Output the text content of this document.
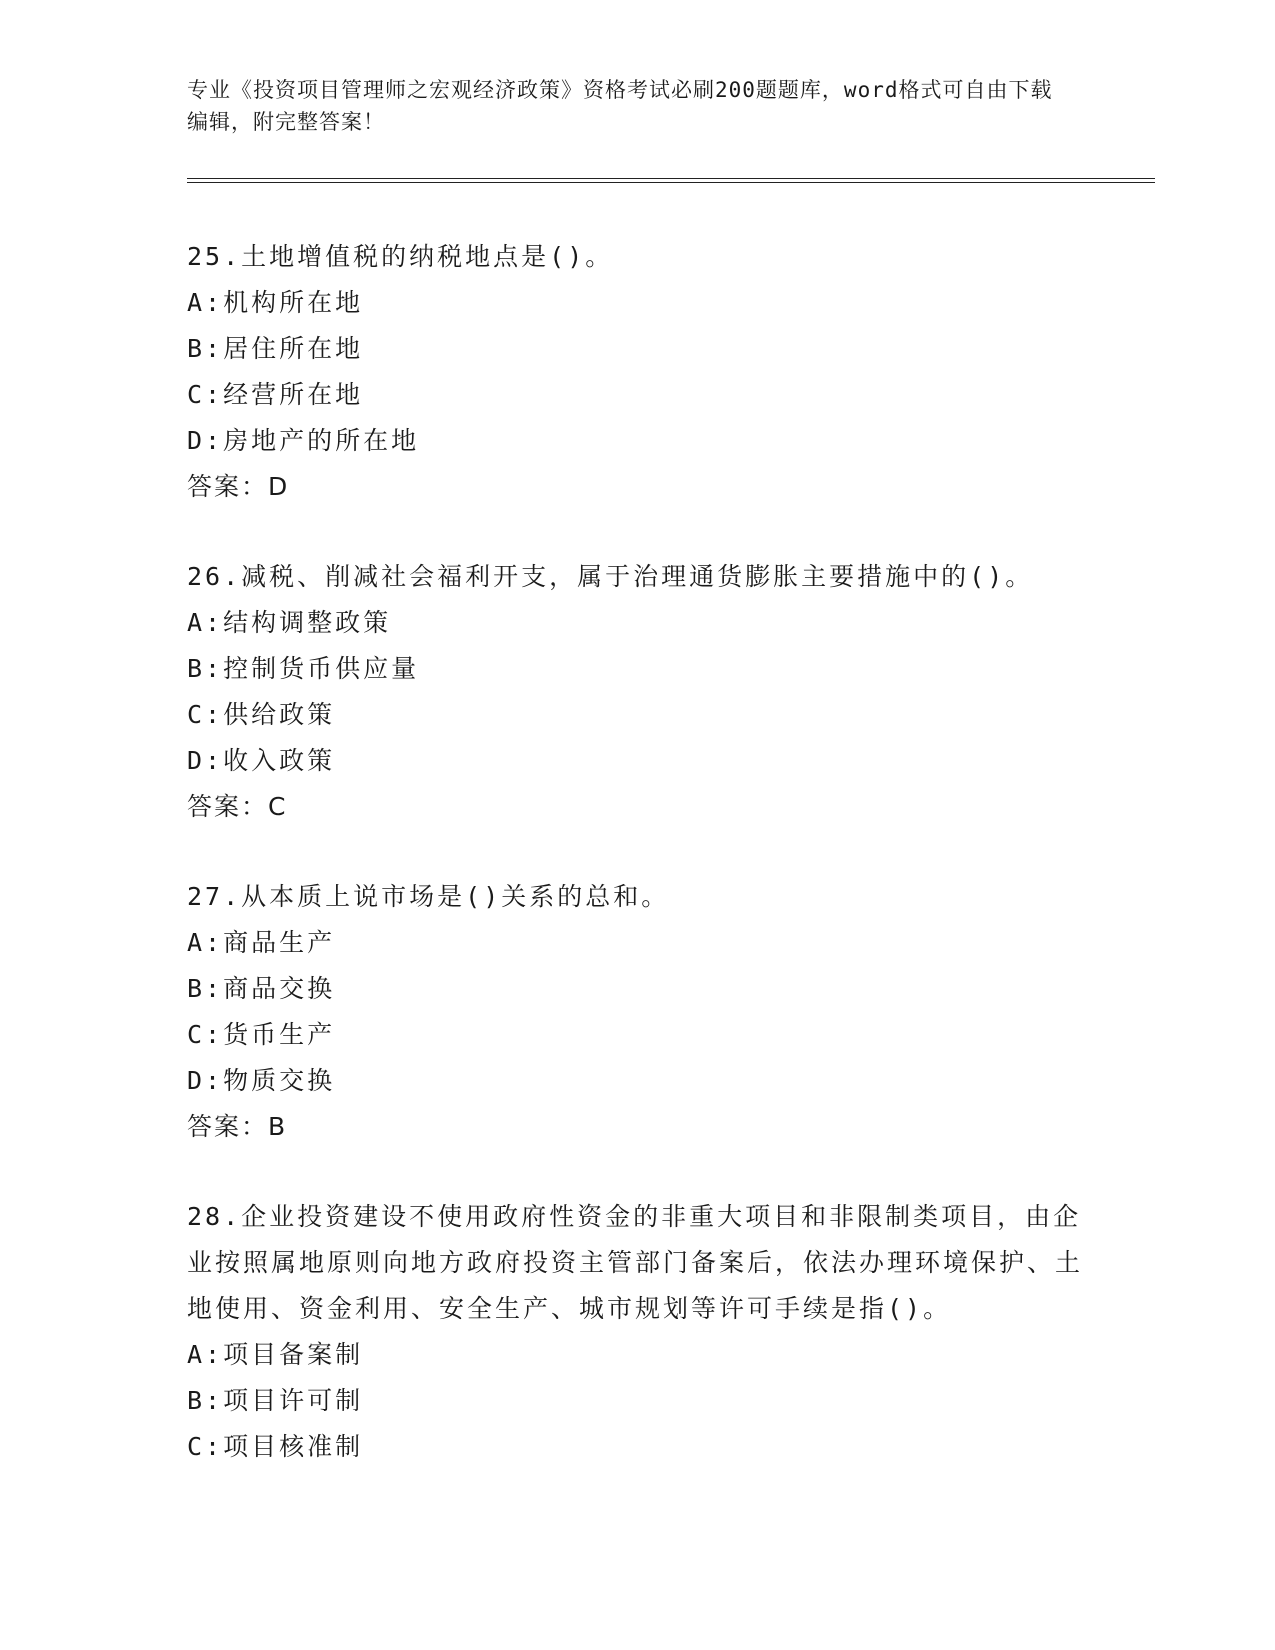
专业《投资项目管理师之宏观经济政策》资格考试必刷200题题库，word格式可自由下载编辑，附完整答案！
25.土地增值税的纳税地点是()。
A:机构所在地
B:居住所在地
C:经营所在地
D:房地产的所在地
答案：D
26.减税、削减社会福利开支，属于治理通货膨胀主要措施中的()。
A:结构调整政策
B:控制货币供应量
C:供给政策
D:收入政策
答案：C
27.从本质上说市场是()关系的总和。
A:商品生产
B:商品交换
C:货币生产
D:物质交换
答案：B
28.企业投资建设不使用政府性资金的非重大项目和非限制类项目，由企业按照属地原则向地方政府投资主管部门备案后，依法办理环境保护、土地使用、资金利用、安全生产、城市规划等许可手续是指()。
A:项目备案制
B:项目许可制
C:项目核准制
